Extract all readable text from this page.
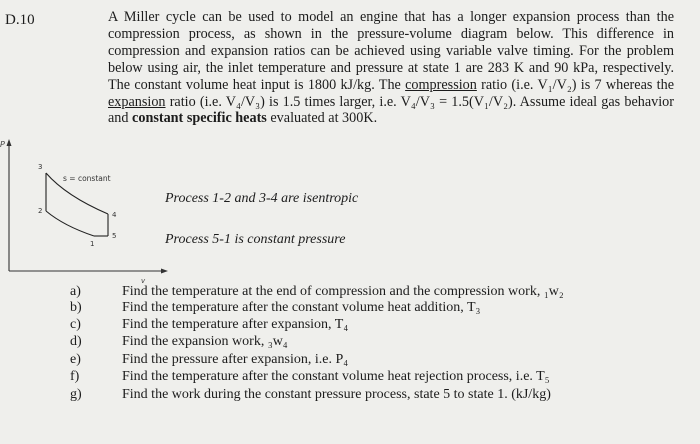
D.10	A Miller cycle can be used to model an engine that has a longer expansion process than the compression process, as shown in the pressure-volume diagram below. This difference in compression and expansion ratios can be achieved using variable valve timing. For the problem below using air, the inlet temperature and pressure at state 1 are 283 K and 90 kPa, respectively. The constant volume heat input is 1800 kJ/kg. The compression ratio (i.e. V₁/V₂) is 7 whereas the expansion ratio (i.e. V₄/V₃) is 1.5 times larger, i.e. V₄/V₃ = 1.5(V₁/V₂). Assume ideal gas behavior and constant specific heats evaluated at 300K.
P
v
s = constant
3
2	4
5
1
Process 1-2 and 3-4 are isentropic
Process 5-1 is constant pressure
a)	Find the temperature at the end of compression and the compression work, ₁w₂
b)	Find the temperature after the constant volume heat addition, T₃
c)	Find the temperature after expansion, T₄
d)	Find the expansion work, ₃w₄
e)	Find the pressure after expansion, i.e. P₄
f)	Find the temperature after the constant volume heat rejection process, i.e. T₅
g)	Find the work during the constant pressure process, state 5 to state 1. (kJ/kg)
